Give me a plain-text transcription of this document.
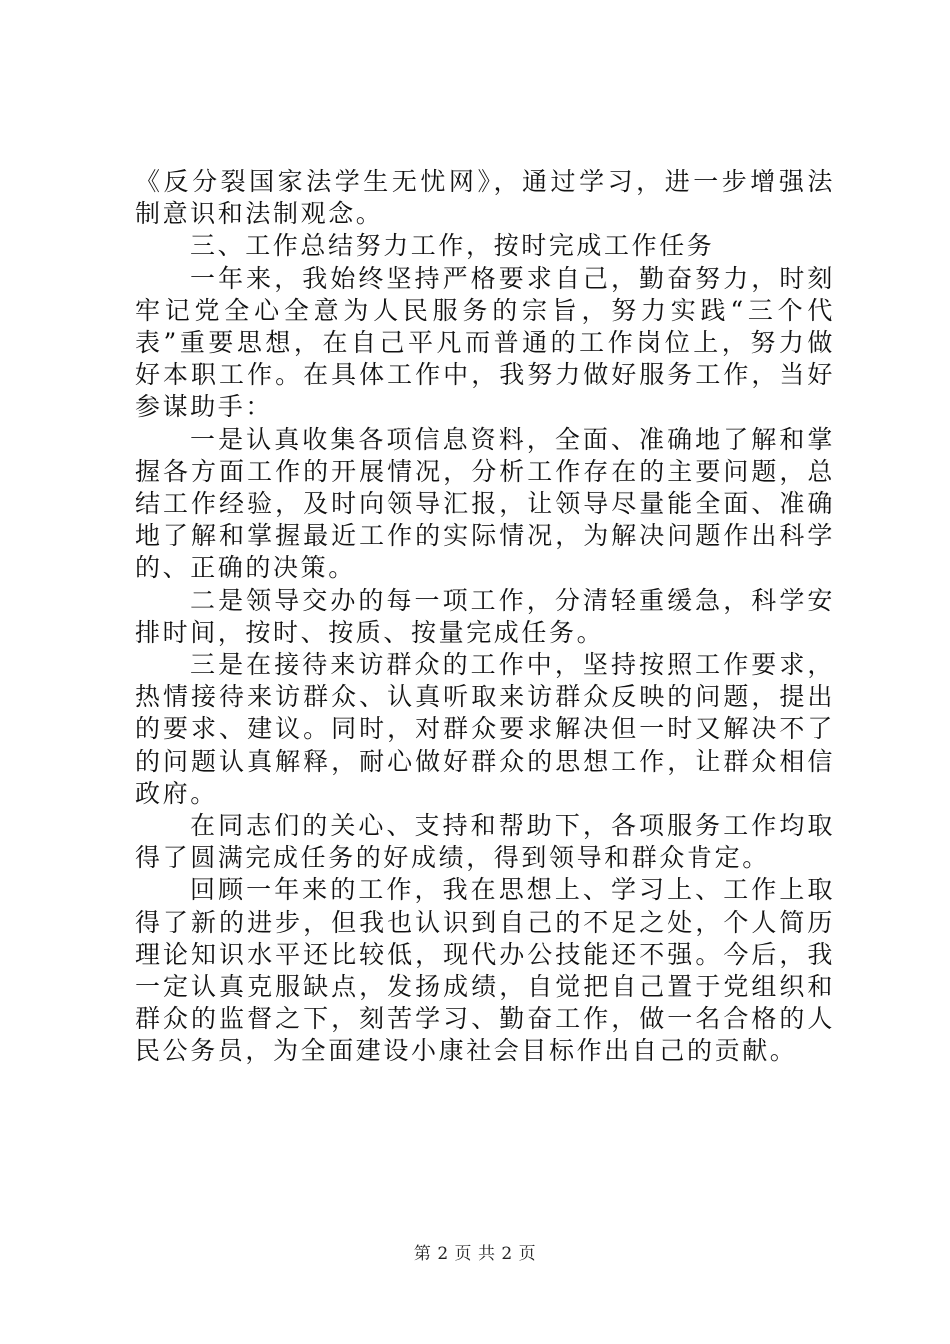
《反分裂国家法学生无忧网》，通过学习，进一步增强法制意识和法制观念。

三、工作总结努力工作，按时完成工作任务

一年来，我始终坚持严格要求自己，勤奋努力，时刻牢记党全心全意为人民服务的宗旨，努力实践“三个代表”重要思想，在自己平凡而普通的工作岗位上，努力做好本职工作。在具体工作中，我努力做好服务工作，当好参谋助手：

一是认真收集各项信息资料，全面、准确地了解和掌握各方面工作的开展情况，分析工作存在的主要问题，总结工作经验，及时向领导汇报，让领导尽量能全面、准确地了解和掌握最近工作的实际情况，为解决问题作出科学的、正确的决策。

二是领导交办的每一项工作，分清轻重缓急，科学安排时间，按时、按质、按量完成任务。

三是在接待来访群众的工作中，坚持按照工作要求，热情接待来访群众、认真听取来访群众反映的问题，提出的要求、建议。同时，对群众要求解决但一时又解决不了的问题认真解释，耐心做好群众的思想工作，让群众相信政府。

在同志们的关心、支持和帮助下，各项服务工作均取得了圆满完成任务的好成绩，得到领导和群众肯定。

回顾一年来的工作，我在思想上、学习上、工作上取得了新的进步，但我也认识到自己的不足之处，个人简历理论知识水平还比较低，现代办公技能还不强。今后，我一定认真克服缺点，发扬成绩，自觉把自己置于党组织和群众的监督之下，刻苦学习、勤奋工作，做一名合格的人民公务员，为全面建设小康社会目标作出自己的贡献。

第 2 页 共 2 页
